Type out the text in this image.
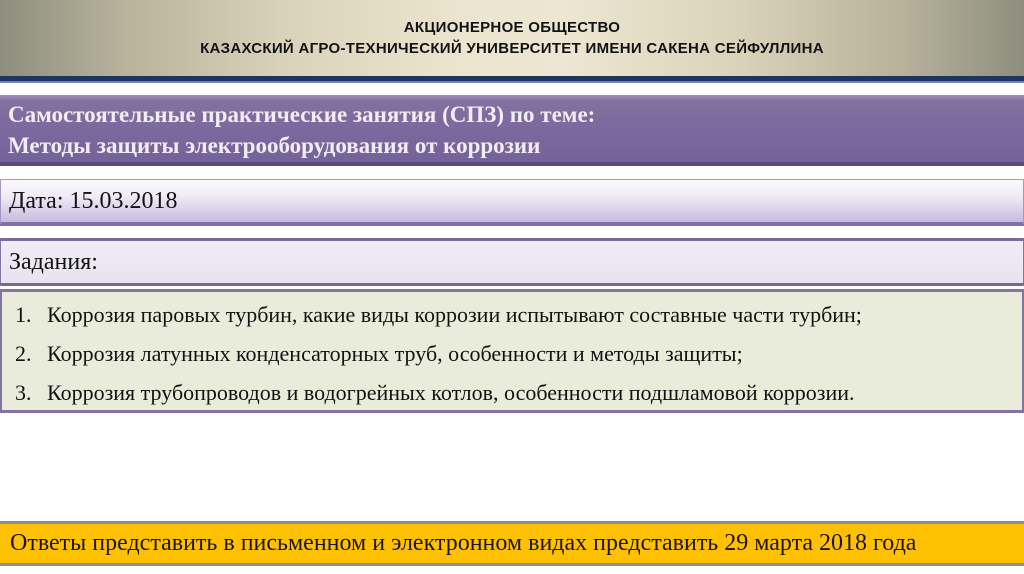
АКЦИОНЕРНОЕ ОБЩЕСТВО
КАЗАХСКИЙ АГРО-ТЕХНИЧЕСКИЙ УНИВЕРСИТЕТ ИМЕНИ САКЕНА СЕЙФУЛЛИНА
Самостоятельные практические занятия (СПЗ) по теме:
Методы защиты электрооборудования от коррозии
Дата: 15.03.2018
Задания:
1. Коррозия паровых турбин, какие виды коррозии испытывают составные части турбин;
2. Коррозия латунных конденсаторных труб, особенности и методы защиты;
3. Коррозия трубопроводов и водогрейных котлов, особенности подшламовой коррозии.
Ответы представить в письменном и электронном видах представить 29 марта 2018 года
